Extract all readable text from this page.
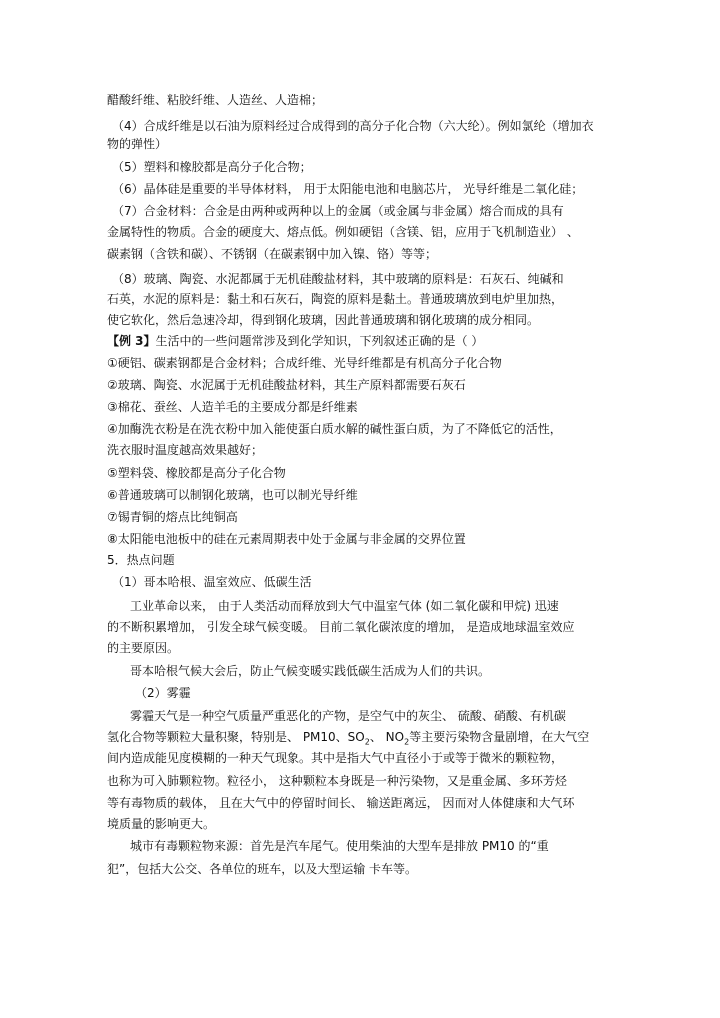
醋酸纤维、粘胶纤维、人造丝、人造棉；
（4）合成纤维是以石油为原料经过合成得到的高分子化合物（六大纶）。例如氯纶（增加衣
物的弹性）
（5）塑料和橡胶都是高分子化合物；
（6）晶体硅是重要的半导体材料， 用于太阳能电池和电脑芯片， 光导纤维是二氧化硅；
（7）合金材料：合金是由两种或两种以上的金属（或金属与非金属）熔合而成的具有
金属特性的物质。合金的硬度大、熔点低。例如硬铝（含镁、铝，应用于飞机制造业） 、
碳素钢（含铁和碳）、不锈钢（在碳素钢中加入镍、铬）等等；
（8）玻璃、陶瓷、水泥都属于无机硅酸盐材料，其中玻璃的原料是：石灰石、纯碱和
石英，水泥的原料是：黏土和石灰石，陶瓷的原料是黏土。普通玻璃放到电炉里加热，
使它软化，然后急速冷却，得到钢化玻璃，因此普通玻璃和钢化玻璃的成分相同。
【例 3】生活中的一些问题常涉及到化学知识，下列叙述正确的是（ ）
①硬铝、碳素钢都是合金材料；合成纤维、光导纤维都是有机高分子化合物
②玻璃、陶瓷、水泥属于无机硅酸盐材料，其生产原料都需要石灰石
③棉花、蚕丝、人造羊毛的主要成分都是纤维素
④加酶洗衣粉是在洗衣粉中加入能使蛋白质水解的碱性蛋白质，为了不降低它的活性，
洗衣服时温度越高效果越好；
⑤塑料袋、橡胶都是高分子化合物
⑥普通玻璃可以制钢化玻璃，也可以制光导纤维
⑦锡青铜的熔点比纯铜高
⑧太阳能电池板中的硅在元素周期表中处于金属与非金属的交界位置
5．热点问题
（1）哥本哈根、温室效应、低碳生活
工业革命以来， 由于人类活动而释放到大气中温室气体 (如二氧化碳和甲烷) 迅速
的不断积累增加， 引发全球气候变暖。 目前二氧化碳浓度的增加， 是造成地球温室效应
的主要原因。
哥本哈根气候大会后，防止气候变暖实践低碳生活成为人们的共识。
（2）雾霾
雾霾天气是一种空气质量严重恶化的产物，是空气中的灰尘、 硫酸、硝酸、有机碳
氢化合物等颗粒大量积聚，特别是、 PM10、$SO_2$、 $NO_2$等主要污染物含量剧增，在大气空
间内造成能见度模糊的一种天气现象。其中是指大气中直径小于或等于微米的颗粒物，
也称为可入肺颗粒物。粒径小， 这种颗粒本身既是一种污染物，又是重金属、多环芳烃
等有毒物质的载体， 且在大气中的停留时间长、 输送距离远， 因而对人体健康和大气环
境质量的影响更大。
城市有毒颗粒物来源：首先是汽车尾气。使用柴油的大型车是排放 PM10 的“重
犯”，包括大公交、各单位的班车，以及大型运输 卡车等。
